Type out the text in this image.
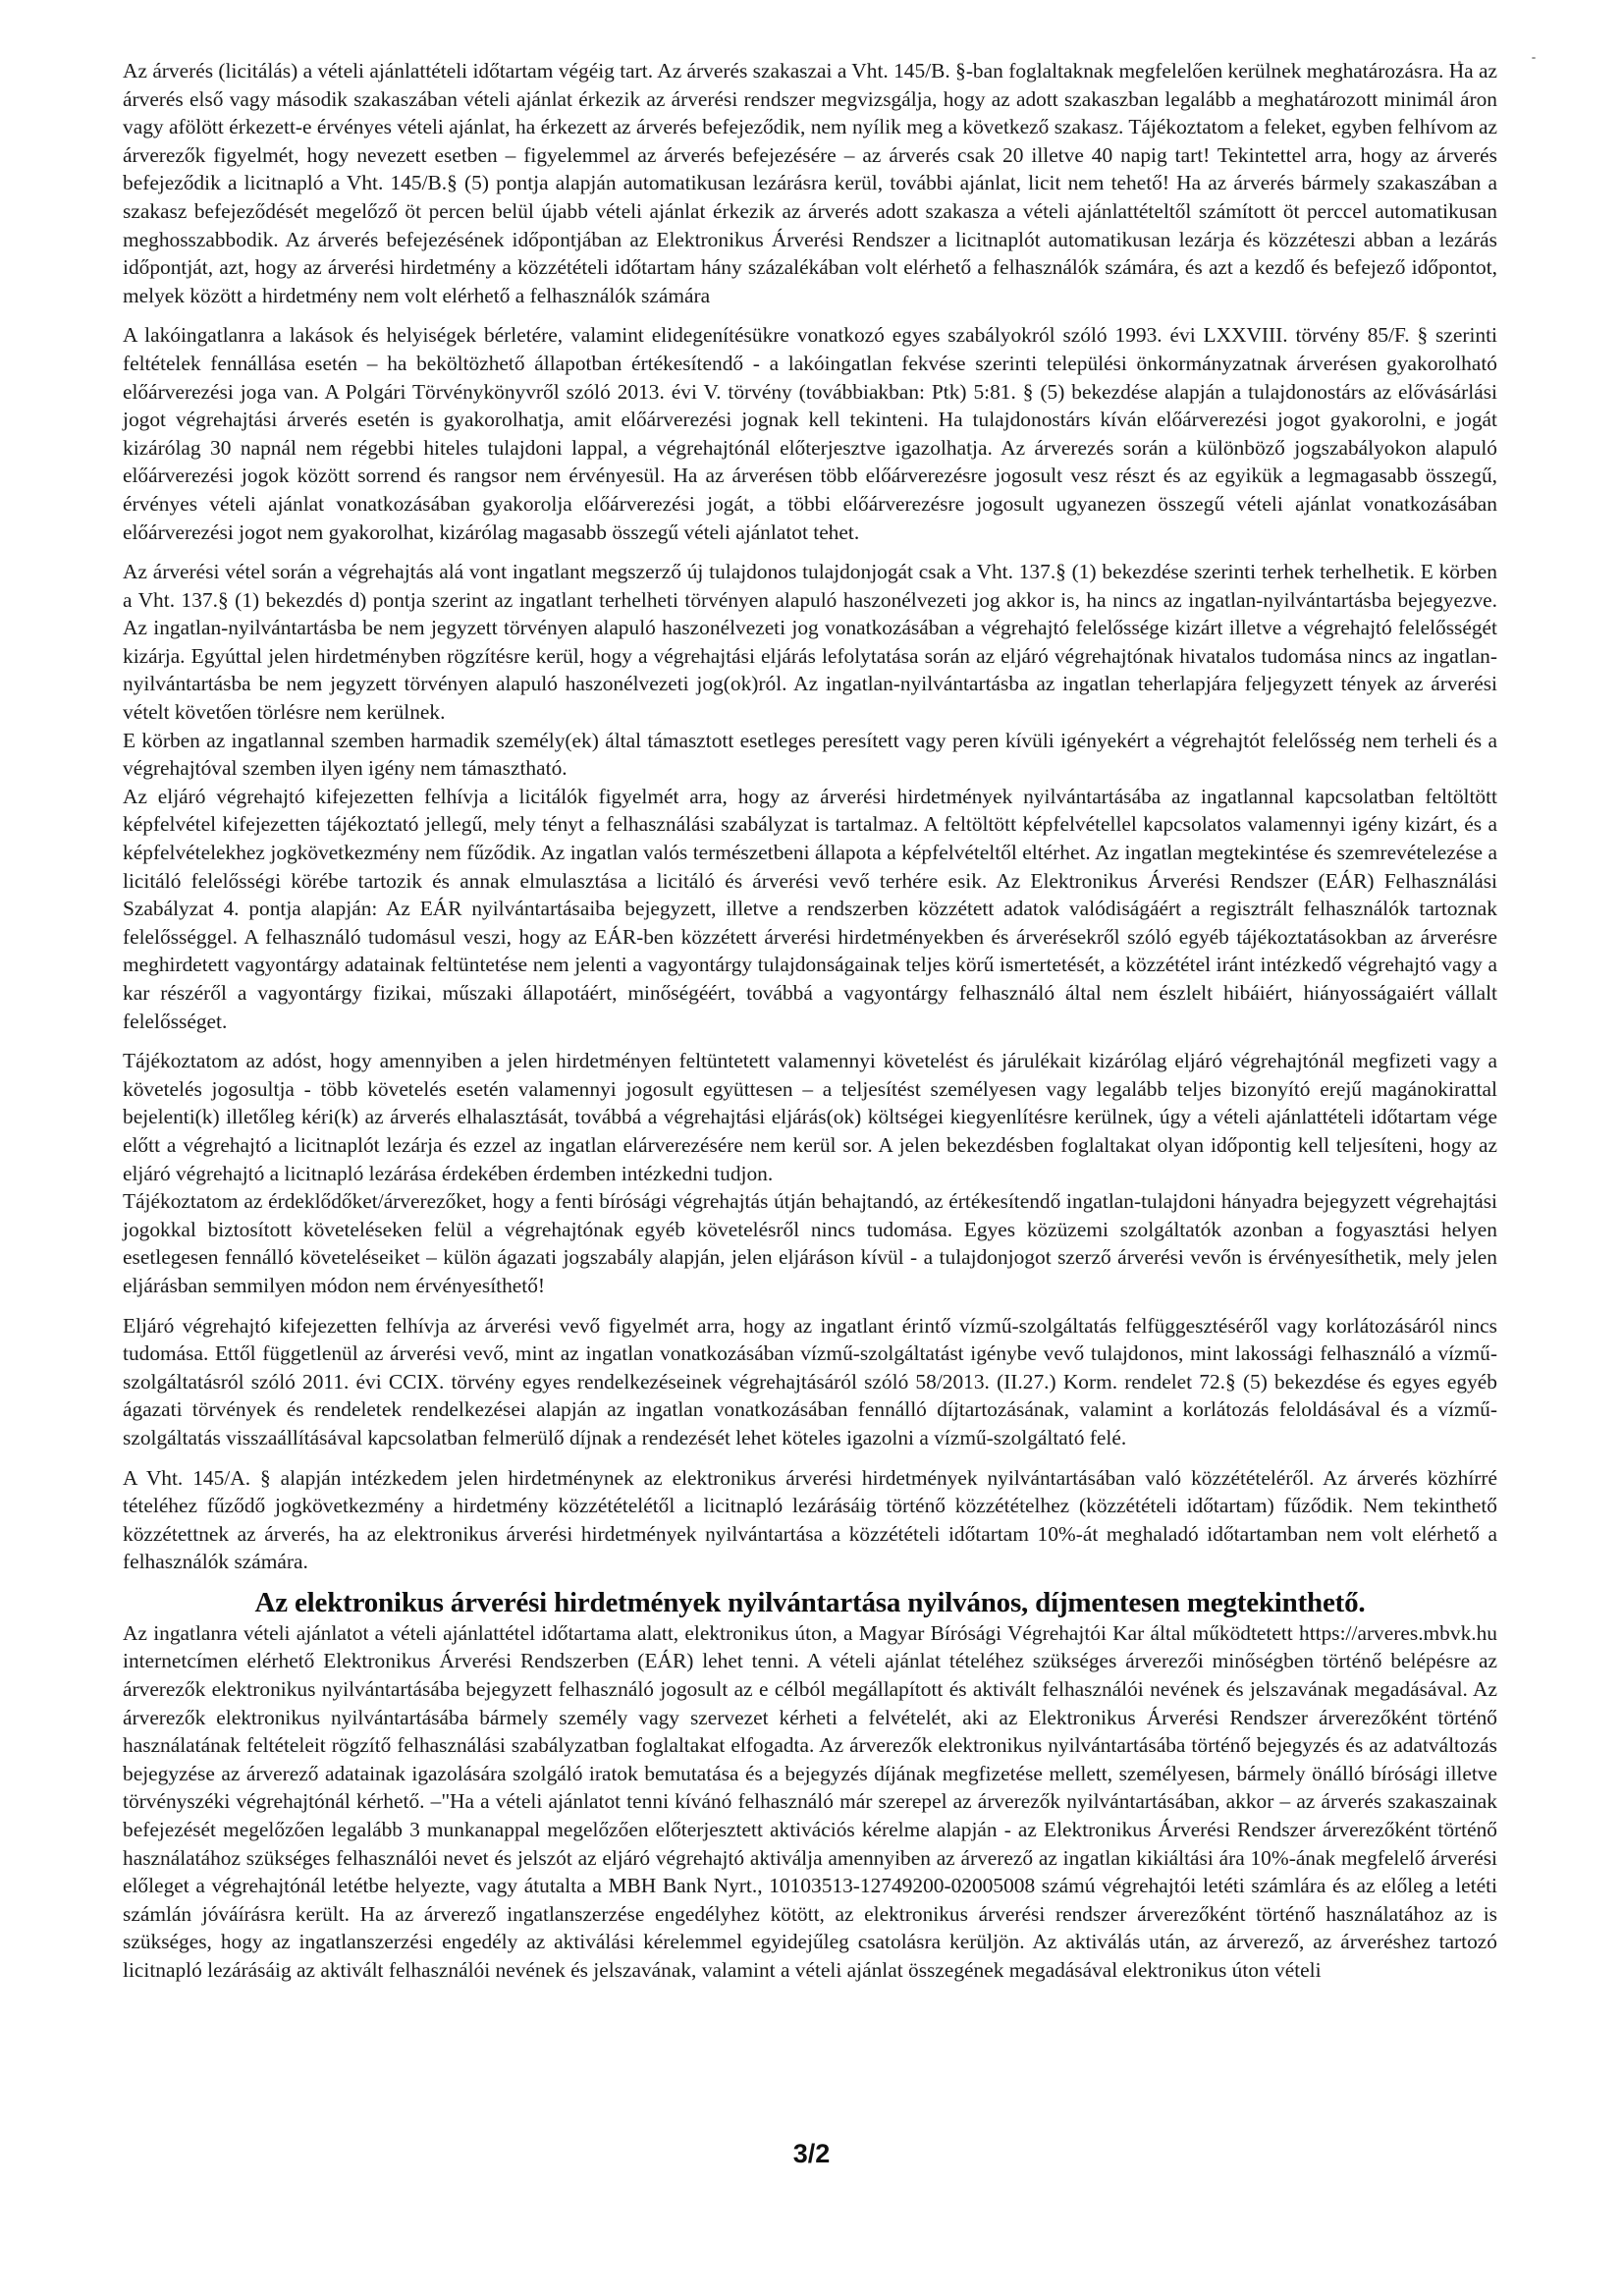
Az árverés (licitálás) a vételi ajánlattételi időtartam végéig tart. Az árverés szakaszai a Vht. 145/B. §-ban foglaltaknak megfelelően kerülnek meghatározásra. Ha az árverés első vagy második szakaszában vételi ajánlat érkezik az árverési rendszer megvizsgálja, hogy az adott szakaszban legalább a meghatározott minimál áron vagy afölött érkezett-e érvényes vételi ajánlat, ha érkezett az árverés befejeződik, nem nyílik meg a következő szakasz. Tájékoztatom a feleket, egyben felhívom az árverezők figyelmét, hogy nevezett esetben – figyelemmel az árverés befejezésére – az árverés csak 20 illetve 40 napig tart! Tekintettel arra, hogy az árverés befejeződik a licitnapló a Vht. 145/B.§ (5) pontja alapján automatikusan lezárásra kerül, további ajánlat, licit nem tehető! Ha az árverés bármely szakaszában a szakasz befejeződését megelőző öt percen belül újabb vételi ajánlat érkezik az árverés adott szakasza a vételi ajánlattételtől számított öt perccel automatikusan meghosszabbodik. Az árverés befejezésének időpontjában az Elektronikus Árverési Rendszer a licitnaplót automatikusan lezárja és közzéteszi abban a lezárás időpontját, azt, hogy az árverési hirdetmény a közzétételi időtartam hány százalékában volt elérhető a felhasználók számára, és azt a kezdő és befejező időpontot, melyek között a hirdetmény nem volt elérhető a felhasználók számára

A lakóingatlanra a lakások és helyiségek bérletére, valamint elidegenítésükre vonatkozó egyes szabályokról szóló 1993. évi LXXVIII. törvény 85/F. § szerinti feltételek fennállása esetén – ha beköltözhető állapotban értékesítendő - a lakóingatlan fekvése szerinti települési önkormányzatnak árverésen gyakorolható előárverezési joga van. A Polgári Törvénykönyvről szóló 2013. évi V. törvény (továbbiakban: Ptk) 5:81. § (5) bekezdése alapján a tulajdonostárs az elővásárlási jogot végrehajtási árverés esetén is gyakorolhatja, amit előárverezési jognak kell tekinteni. Ha tulajdonostárs kíván előárverezési jogot gyakorolni, e jogát kizárólag 30 napnál nem régebbi hiteles tulajdoni lappal, a végrehajtónál előterjesztve igazolhatja. Az árverezés során a különböző jogszabályokon alapuló előárverezési jogok között sorrend és rangsor nem érvényesül. Ha az árverésen több előárverezésre jogosult vesz részt és az egyikük a legmagasabb összegű, érvényes vételi ajánlat vonatkozásában gyakorolja előárverezési jogát, a többi előárverezésre jogosult ugyanezen összegű vételi ajánlat vonatkozásában előárverezési jogot nem gyakorolhat, kizárólag magasabb összegű vételi ajánlatot tehet.

Az árverési vétel során a végrehajtás alá vont ingatlant megszerző új tulajdonos tulajdonjogát csak a Vht. 137.§ (1) bekezdése szerinti terhek terhelhetik. E körben a Vht. 137.§ (1) bekezdés d) pontja szerint az ingatlant terhelheti törvényen alapuló haszonélvezeti jog akkor is, ha nincs az ingatlan-nyilvántartásba bejegyezve. Az ingatlan-nyilvántartásba be nem jegyzett törvényen alapuló haszonélvezeti jog vonatkozásában a végrehajtó felelőssége kizárt illetve a végrehajtó felelősségét kizárja. Egyúttal jelen hirdetményben rögzítésre kerül, hogy a végrehajtási eljárás lefolytatása során az eljáró végrehajtónak hivatalos tudomása nincs az ingatlan-nyilvántartásba be nem jegyzett törvényen alapuló haszonélvezeti jog(ok)ról. Az ingatlan-nyilvántartásba az ingatlan teherlapjára feljegyzett tények az árverési vételt követően törlésre nem kerülnek.

E körben az ingatlannal szemben harmadik személy(ek) által támasztott esetleges peresített vagy peren kívüli igényekért a végrehajtót felelősség nem terheli és a végrehajtóval szemben ilyen igény nem támasztható.

Az eljáró végrehajtó kifejezetten felhívja a licitálók figyelmét arra, hogy az árverési hirdetmények nyilvántartásába az ingatlannal kapcsolatban feltöltött képfelvétel kifejezetten tájékoztató jellegű, mely tényt a felhasználási szabályzat is tartalmaz. A feltöltött képfelvétellel kapcsolatos valamennyi igény kizárt, és a képfelvételekhez jogkövetkezmény nem fűződik. Az ingatlan valós természetbeni állapota a képfelvételtől eltérhet. Az ingatlan megtekintése és szemrevételezése a licitáló felelősségi körébe tartozik és annak elmulasztása a licitáló és árverési vevő terhére esik. Az Elektronikus Árverési Rendszer (EÁR) Felhasználási Szabályzat 4. pontja alapján: Az EÁR nyilvántartásaiba bejegyzett, illetve a rendszerben közzétett adatok valódiságáért a regisztrált felhasználók tartoznak felelősséggel. A felhasználó tudomásul veszi, hogy az EÁR-ben közzétett árverési hirdetményekben és árverésekről szóló egyéb tájékoztatásokban az árverésre meghirdetett vagyontárgy adatainak feltüntetése nem jelenti a vagyontárgy tulajdonságainak teljes körű ismertetését, a közzététel iránt intézkedő végrehajtó vagy a kar részéről a vagyontárgy fizikai, műszaki állapotáért, minőségéért, továbbá a vagyontárgy felhasználó által nem észlelt hibáiért, hiányosságaiért vállalt felelősséget.

Tájékoztatom az adóst, hogy amennyiben a jelen hirdetményen feltüntetett valamennyi követelést és járulékait kizárólag eljáró végrehajtónál megfizeti vagy a követelés jogosultja - több követelés esetén valamennyi jogosult együttesen – a teljesítést személyesen vagy legalább teljes bizonyító erejű magánokirattal bejelenti(k) illetőleg kéri(k) az árverés elhalasztását, továbbá a végrehajtási eljárás(ok) költségei kiegyenlítésre kerülnek, úgy a vételi ajánlattételi időtartam vége előtt a végrehajtó a licitnaplót lezárja és ezzel az ingatlan elárverezésére nem kerül sor. A jelen bekezdésben foglaltakat olyan időpontig kell teljesíteni, hogy az eljáró végrehajtó a licitnapló lezárása érdekében érdemben intézkedni tudjon.

Tájékoztatom az érdeklődőket/árverezőket, hogy a fenti bírósági végrehajtás útján behajtandó, az értékesítendő ingatlan-tulajdoni hányadra bejegyzett végrehajtási jogokkal biztosított követeléseken felül a végrehajtónak egyéb követelésről nincs tudomása. Egyes közüzemi szolgáltatók azonban a fogyasztási helyen esetlegesen fennálló követeléseiket – külön ágazati jogszabály alapján, jelen eljáráson kívül - a tulajdonjogot szerző árverési vevőn is érvényesíthetik, mely jelen eljárásban semmilyen módon nem érvényesíthető!

Eljáró végrehajtó kifejezetten felhívja az árverési vevő figyelmét arra, hogy az ingatlant érintő vízmű-szolgáltatás felfüggesztéséről vagy korlátozásáról nincs tudomása. Ettől függetlenül az árverési vevő, mint az ingatlan vonatkozásában vízmű-szolgáltatást igénybe vevő tulajdonos, mint lakossági felhasználó a vízmű-szolgáltatásról szóló 2011. évi CCIX. törvény egyes rendelkezéseinek végrehajtásáról szóló 58/2013. (II.27.) Korm. rendelet 72.§ (5) bekezdése és egyes egyéb ágazati törvények és rendeletek rendelkezései alapján az ingatlan vonatkozásában fennálló díjtartozásának, valamint a korlátozás feloldásával és a vízmű-szolgáltatás visszaállításával kapcsolatban felmerülő díjnak a rendezését lehet köteles igazolni a vízmű-szolgáltató felé.

A Vht. 145/A. § alapján intézkedem jelen hirdetménynek az elektronikus árverési hirdetmények nyilvántartásában való közzétételéről. Az árverés közhírré tételéhez fűződő jogkövetkezmény a hirdetmény közzétételétől a licitnapló lezárásáig történő közzétételhez (közzétételi időtartam) fűződik. Nem tekinthető közzétettnek az árverés, ha az elektronikus árverési hirdetmények nyilvántartása a közzétételi időtartam 10%-át meghaladó időtartamban nem volt elérhető a felhasználók számára.

Az elektronikus árverési hirdetmények nyilvántartása nyilvános, díjmentesen megtekinthető.

Az ingatlanra vételi ajánlatot a vételi ajánlattétel időtartama alatt, elektronikus úton, a Magyar Bírósági Végrehajtói Kar által működtetett https://arveres.mbvk.hu internetcímen elérhető Elektronikus Árverési Rendszerben (EÁR) lehet tenni. A vételi ajánlat tételéhez szükséges árverezői minőségben történő belépésre az árverezők elektronikus nyilvántartásába bejegyzett felhasználó jogosult az e célból megállapított és aktivált felhasználói nevének és jelszavának megadásával. Az árverezők elektronikus nyilvántartásába bármely személy vagy szervezet kérheti a felvételét, aki az Elektronikus Árverési Rendszer árverezőként történő használatának feltételeit rögzítő felhasználási szabályzatban foglaltakat elfogadta. Az árverezők elektronikus nyilvántartásába történő bejegyzés és az adatváltozás bejegyzése az árverező adatainak igazolására szolgáló iratok bemutatása és a bejegyzés díjának megfizetése mellett, személyesen, bármely önálló bírósági illetve törvényszéki végrehajtónál kérhető. –"Ha a vételi ajánlatot tenni kívánó felhasználó már szerepel az árverezők nyilvántartásában, akkor – az árverés szakaszainak befejezését megelőzően legalább 3 munkanappal megelőzően előterjesztett aktivációs kérelme alapján - az Elektronikus Árverési Rendszer árverezőként történő használatához szükséges felhasználói nevet és jelszót az eljáró végrehajtó aktiválja amennyiben az árverező az ingatlan kikiáltási ára 10%-ának megfelelő árverési előleget a végrehajtónál letétbe helyezte, vagy átutalta a MBH Bank Nyrt., 10103513-12749200-02005008 számú végrehajtói letéti számlára és az előleg a letéti számlán jóváírásra került. Ha az árverező ingatlanszerzése engedélyhez kötött, az elektronikus árverési rendszer árverezőként történő használatához az is szükséges, hogy az ingatlanszerzési engedély az aktiválási kérelemmel egyidejűleg csatolásra kerüljön. Az aktiválás után, az árverező, az árveréshez tartozó licitnapló lezárásáig az aktivált felhasználói nevének és jelszavának, valamint a vételi ajánlat összegének megadásával elektronikus úton vételi

3/2
